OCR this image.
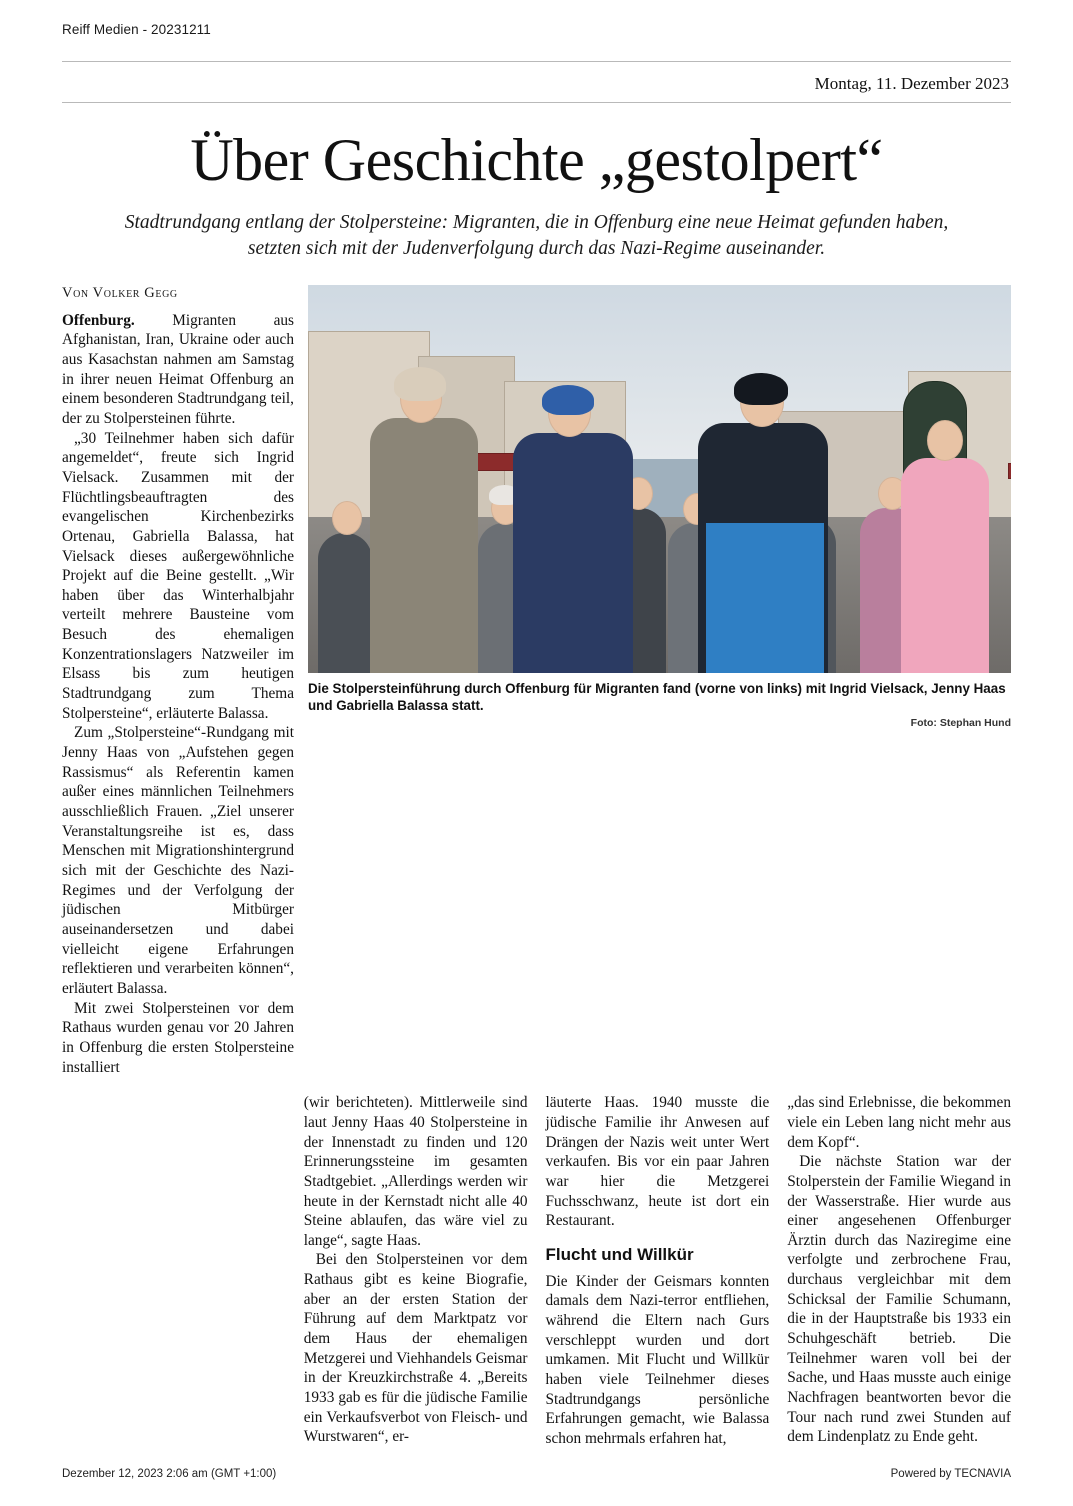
Reiff Medien - 20231211
Montag, 11. Dezember 2023
Über Geschichte „gestolpert“
Stadtrundgang entlang der Stolpersteine: Migranten, die in Offenburg eine neue Heimat gefunden haben, setzten sich mit der Judenverfolgung durch das Nazi-Regime auseinander.
Von Volker Gegg

Offenburg. Migranten aus Afghanistan, Iran, Ukraine oder auch aus Kasachstan nahmen am Samstag in ihrer neuen Heimat Offenburg an einem besonderen Stadtrundgang teil, der zu Stolpersteinen führte.

„30 Teilnehmer haben sich dafür angemeldet“, freute sich Ingrid Vielsack. Zusammen mit der Flüchtlingsbeauftragten des evangelischen Kirchenbezirks Ortenau, Gabriella Balassa, hat Vielsack dieses außergewöhnliche Projekt auf die Beine gestellt. „Wir haben über das Winterhalbjahr verteilt mehrere Bausteine vom Besuch des ehemaligen Konzentrationslagers Natzweiler im Elsass bis zum heutigen Stadtrundgang zum Thema Stolpersteine“, erläuterte Balassa.

Zum „Stolpersteine“-Rundgang mit Jenny Haas von „Aufstehen gegen Rassismus“ als Referentin kamen außer eines männlichen Teilnehmers ausschließlich Frauen. „Ziel unserer Veranstaltungsreihe ist es, dass Menschen mit Migrationshintergrund sich mit der Geschichte des Nazi-Regimes und der Verfolgung der jüdischen Mitbürger auseinandersetzen und dabei vielleicht eigene Erfahrungen reflektieren und verarbeiten können“, erläutert Balassa.

Mit zwei Stolpersteinen vor dem Rathaus wurden genau vor 20 Jahren in Offenburg die ersten Stolpersteine installiert

Die Stolpersteinführung durch Offenburg für Migranten fand (vorne von links) mit Ingrid Vielsack, Jenny Haas und Gabriella Balassa statt.
Foto: Stephan Hund

(wir berichteten). Mittlerweile sind laut Jenny Haas 40 Stolpersteine in der Innenstadt zu finden und 120 Erinnerungssteine im gesamten Stadtgebiet. „Allerdings werden wir heute in der Kernstadt nicht alle 40 Steine ablaufen, das wäre viel zu lange“, sagte Haas.

Bei den Stolpersteinen vor dem Rathaus gibt es keine Biografie, aber an der ersten Station der Führung auf dem Marktpatz vor dem Haus der ehemaligen Metzgerei und Viehhandels Geismar in der Kreuzkirchstraße 4. „Bereits 1933 gab es für die jüdische Familie ein Verkaufsverbot von Fleisch- und Wurstwaren“, er-

läuterte Haas. 1940 musste die jüdische Familie ihr Anwesen auf Drängen der Nazis weit unter Wert verkaufen. Bis vor ein paar Jahren war hier die Metzgerei Fuchsschwanz, heute ist dort ein Restaurant.

Flucht und Willkür

Die Kinder der Geismars konnten damals dem Nazi-terror entfliehen, während die Eltern nach Gurs verschleppt wurden und dort umkamen. Mit Flucht und Willkür haben viele Teilnehmer dieses Stadtrundgangs persönliche Erfahrungen gemacht, wie Balassa schon mehrmals erfahren hat,

„das sind Erlebnisse, die bekommen viele ein Leben lang nicht mehr aus dem Kopf“.

Die nächste Station war der Stolperstein der Familie Wiegand in der Wasserstraße. Hier wurde aus einer angesehenen Offenburger Ärztin durch das Naziregime eine verfolgte und zerbrochene Frau, durchaus vergleichbar mit dem Schicksal der Familie Schumann, die in der Hauptstraße bis 1933 ein Schuhgeschäft betrieb. Die Teilnehmer waren voll bei der Sache, und Haas musste auch einige Nachfragen beantworten bevor die Tour nach rund zwei Stunden auf dem Lindenplatz zu Ende geht.

Dezember 12, 2023 2:06 am (GMT +1:00)	Powered by TECNAVIA
